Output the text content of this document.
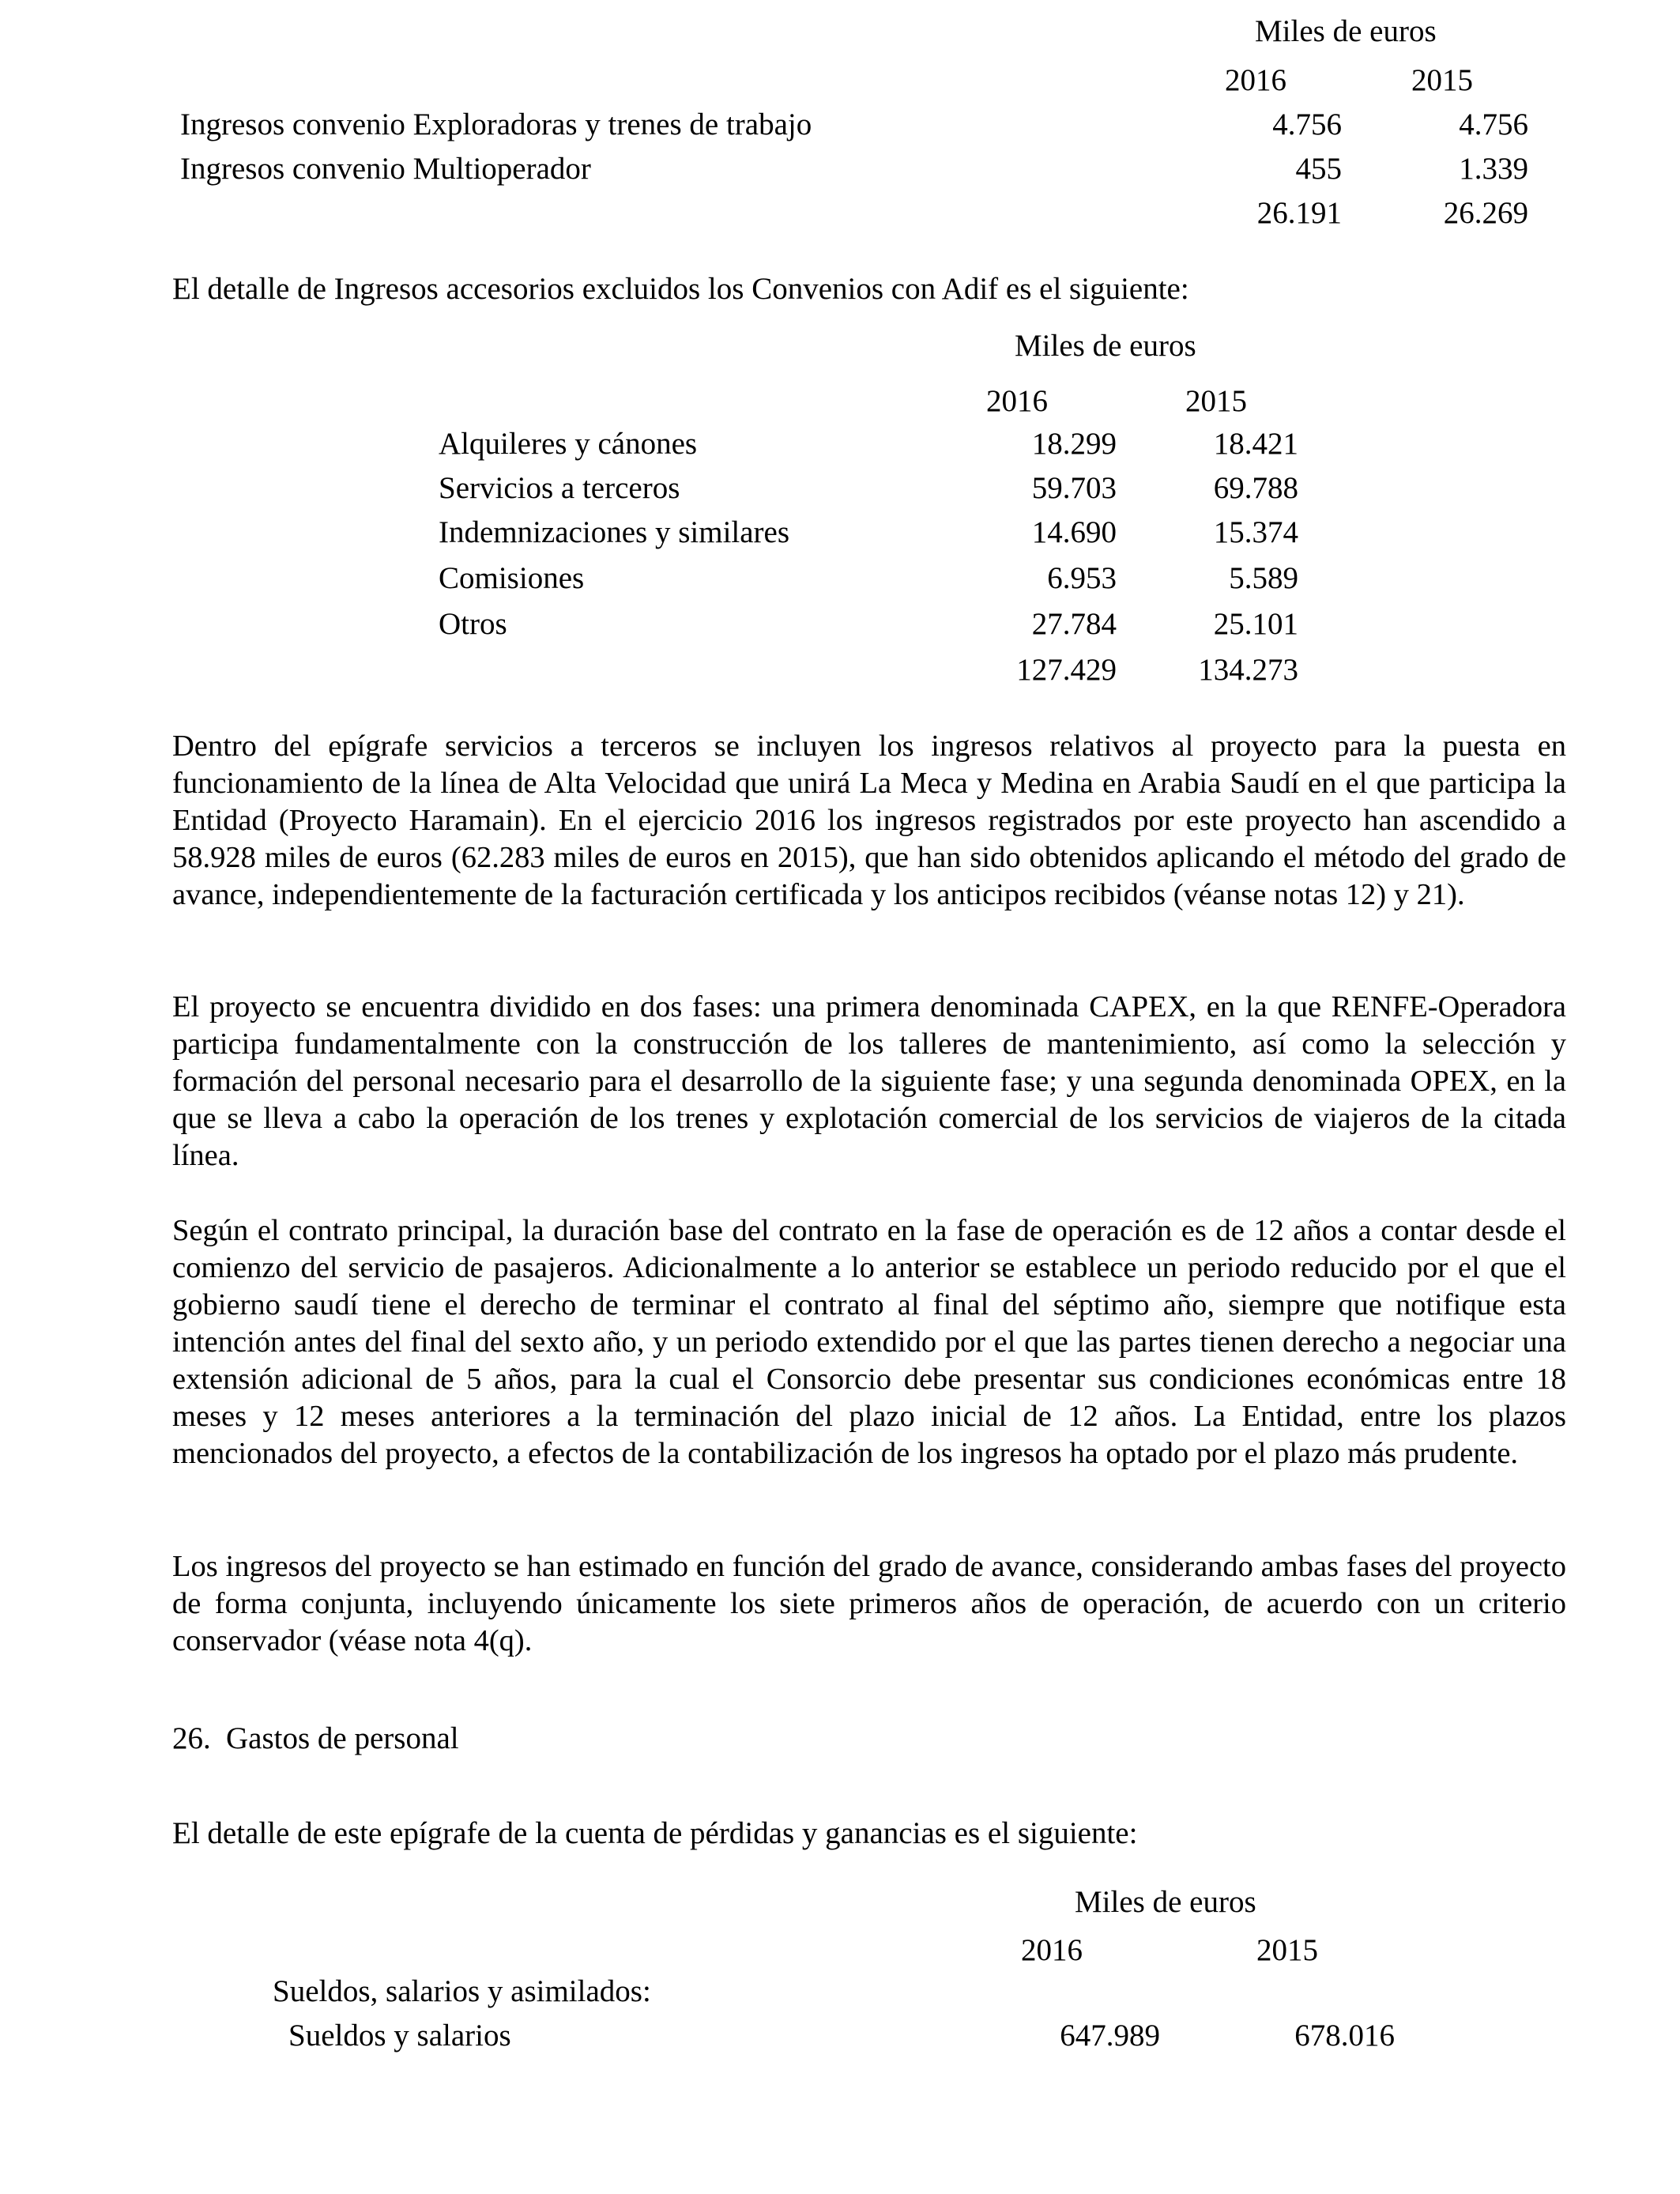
Miles de euros
2016	2015
Ingresos convenio Exploradoras y trenes de trabajo	4.756	4.756
Ingresos convenio Multioperador	455	1.339
26.191	26.269
El detalle de Ingresos accesorios excluidos los Convenios con Adif es el siguiente:
Miles de euros
2016	2015
Alquileres y cánones	18.299	18.421
Servicios a terceros	59.703	69.788
Indemnizaciones y similares	14.690	15.374
Comisiones	6.953	5.589
Otros	27.784	25.101
127.429	134.273

Dentro del epígrafe servicios a terceros se incluyen los ingresos relativos al proyecto para la puesta en funcionamiento de la línea de Alta Velocidad que unirá La Meca y Medina en Arabia Saudí en el que participa la Entidad (Proyecto Haramain). En el ejercicio 2016 los ingresos registrados por este proyecto han ascendido a 58.928 miles de euros (62.283 miles de euros en 2015), que han sido obtenidos aplicando el método del grado de avance, independientemente de la facturación certificada y los anticipos recibidos (véanse notas 12) y 21).

El proyecto se encuentra dividido en dos fases: una primera denominada CAPEX, en la que RENFE-Operadora participa fundamentalmente con la construcción de los talleres de mantenimiento, así como la selección y formación del personal necesario para el desarrollo de la siguiente fase; y una segunda denominada OPEX, en la que se lleva a cabo la operación de los trenes y explotación comercial de los servicios de viajeros de la citada línea.

Según el contrato principal, la duración base del contrato en la fase de operación es de 12 años a contar desde el comienzo del servicio de pasajeros. Adicionalmente a lo anterior se establece un periodo reducido por el que el gobierno saudí tiene el derecho de terminar el contrato al final del séptimo año, siempre que notifique esta intención antes del final del sexto año, y un periodo extendido por el que las partes tienen derecho a negociar una extensión adicional de 5 años, para la cual el Consorcio debe presentar sus condiciones económicas entre 18 meses y 12 meses anteriores a la terminación del plazo inicial de 12 años. La Entidad, entre los plazos mencionados del proyecto, a efectos de la contabilización de los ingresos ha optado por el plazo más prudente.

Los ingresos del proyecto se han estimado en función del grado de avance, considerando ambas fases del proyecto de forma conjunta, incluyendo únicamente los siete primeros años de operación, de acuerdo con un criterio conservador (véase nota 4(q).

26. Gastos de personal
El detalle de este epígrafe de la cuenta de pérdidas y ganancias es el siguiente:
Miles de euros
2016	2015
Sueldos, salarios y asimilados:
Sueldos y salarios	647.989	678.016
